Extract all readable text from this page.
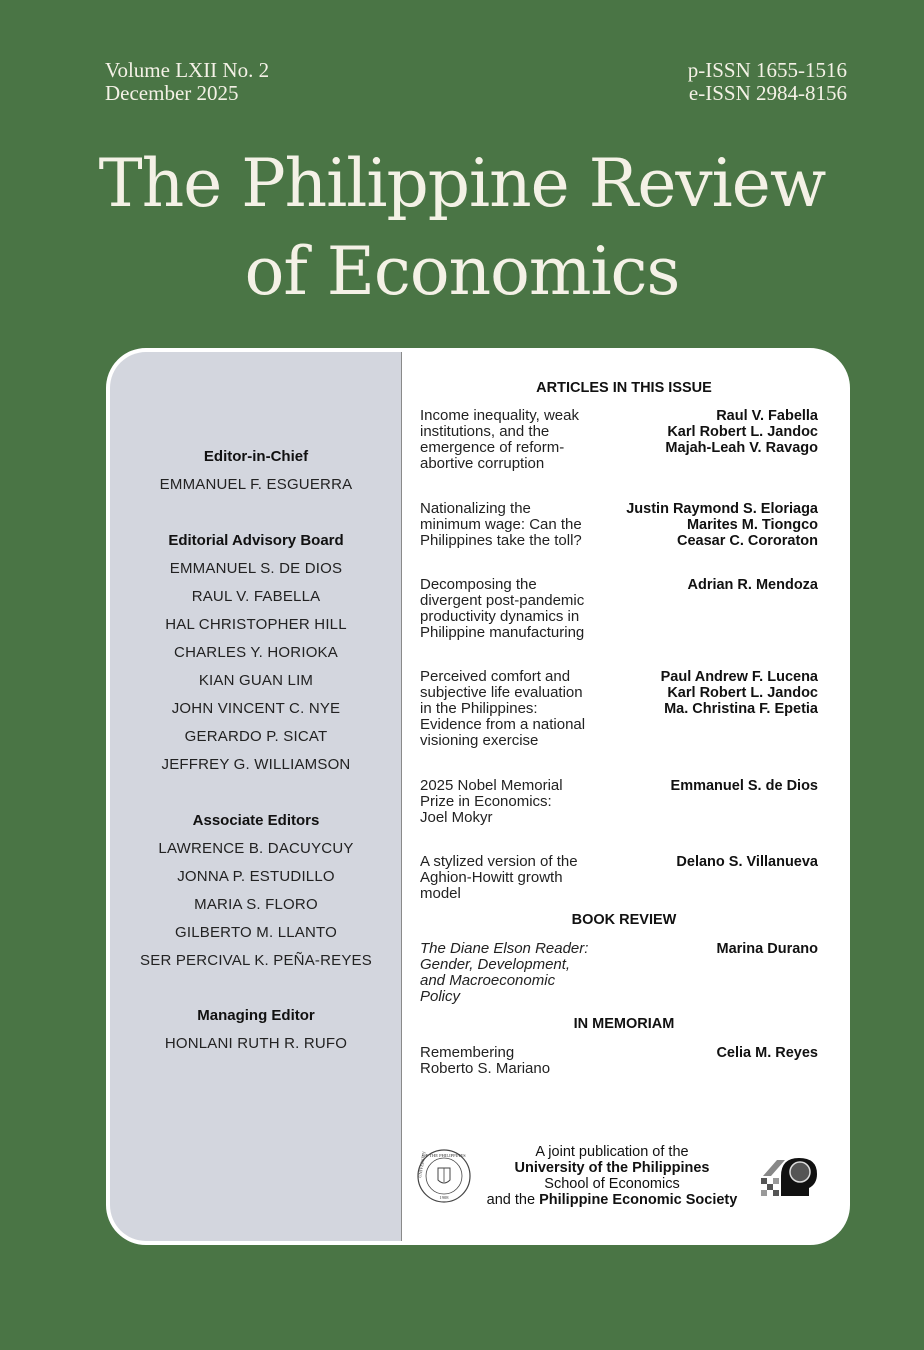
Volume LXII No. 2
December 2025
p-ISSN 1655-1516
e-ISSN 2984-8156
The Philippine Review
of Economics
Editor-in-Chief
EMMANUEL F. ESGUERRA
Editorial Advisory Board
EMMANUEL S. DE DIOS
RAUL V. FABELLA
HAL CHRISTOPHER HILL
CHARLES Y. HORIOKA
KIAN GUAN LIM
JOHN VINCENT C. NYE
GERARDO P. SICAT
JEFFREY G. WILLIAMSON
Associate Editors
LAWRENCE B. DACUYCUY
JONNA P. ESTUDILLO
MARIA S. FLORO
GILBERTO M. LLANTO
SER PERCIVAL K. PEÑA-REYES
Managing Editor
HONLANI RUTH R. RUFO
ARTICLES IN THIS ISSUE
Income inequality, weak
institutions, and the
emergence of reform-
abortive corruption
Raul V. Fabella
Karl Robert L. Jandoc
Majah-Leah V. Ravago
Nationalizing the
minimum wage: Can the
Philippines take the toll?
Justin Raymond S. Eloriaga
Marites M. Tiongco
Ceasar C. Cororaton
Decomposing the
divergent post-pandemic
productivity dynamics in
Philippine manufacturing
Adrian R. Mendoza
Perceived comfort and
subjective life evaluation
in the Philippines:
Evidence from a national
visioning exercise
Paul Andrew F. Lucena
Karl Robert L. Jandoc
Ma. Christina F. Epetia
2025 Nobel Memorial
Prize in Economics:
Joel Mokyr
Emmanuel S. de Dios
A stylized version of the
Aghion-Howitt growth
model
Delano S. Villanueva
BOOK REVIEW
The Diane Elson Reader:
Gender, Development,
and Macroeconomic
Policy
Marina Durano
IN MEMORIAM
Remembering
Roberto S. Mariano
Celia M. Reyes
OF THE PHILIPPINES
UNIVERSITY
1908
A joint publication of the
University of the Philippines
School of Economics
and the Philippine Economic Society
